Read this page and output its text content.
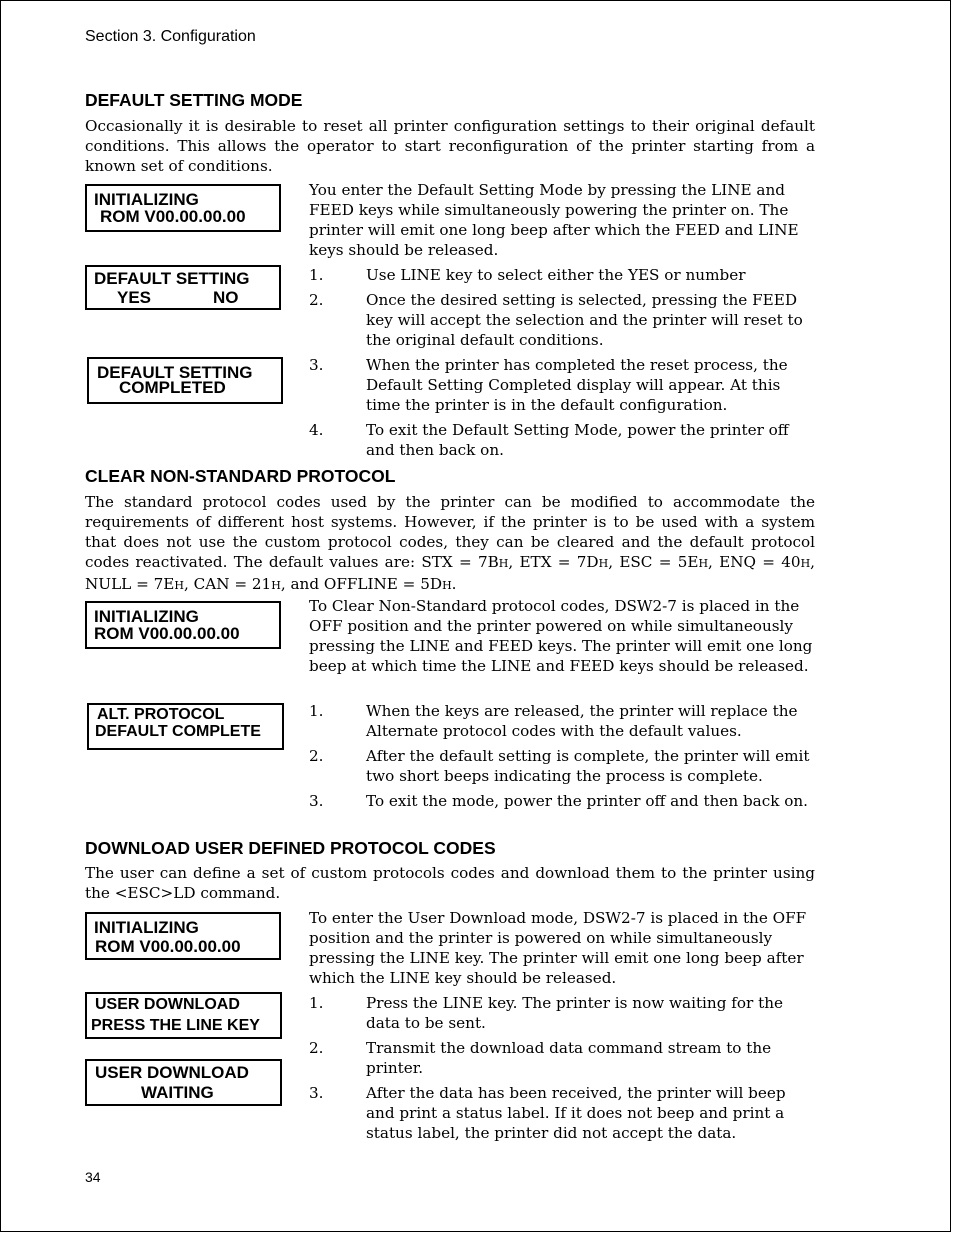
Section 3. Configuration
DEFAULT SETTING MODE
Occasionally it is desirable to reset all printer configuration settings to their original default conditions. This allows the operator to start reconfiguration of the printer starting from a known set of conditions.
INITIALIZING
ROM V00.00.00.00
You enter the Default Setting Mode by pressing the LINE and FEED keys while simultaneously powering the printer on. The printer will emit one long beep after which the FEED and LINE keys should be released.
DEFAULT SETTING
YES	NO
DEFAULT SETTING
COMPLETED
1.	Use LINE key to select either the YES or number
2.	Once the desired setting is selected, pressing the FEED key will accept the selection and the printer will reset to the original default conditions.
3.	When the printer has completed the reset process, the Default Setting Completed display will appear. At this time the printer is in the default configuration.
4.	To exit the Default Setting Mode, power the printer off and then back on.
CLEAR NON-STANDARD PROTOCOL
The standard protocol codes used by the printer can be modified to accommodate the requirements of different host systems. However, if the printer is to be used with a system that does not use the custom protocol codes, they can be cleared and the default protocol codes reactivated. The default values are: STX = 7BH, ETX = 7DH, ESC = 5EH, ENQ = 40H, NULL = 7EH, CAN = 21H, and OFFLINE = 5DH.
INITIALIZING
ROM V00.00.00.00
To Clear Non-Standard protocol codes, DSW2-7 is placed in the OFF position and the printer powered on while simultaneously pressing the LINE and FEED keys. The printer will emit one long beep at which time the LINE and FEED keys should be released.
ALT. PROTOCOL
DEFAULT COMPLETE
1.	When the keys are released, the printer will replace the Alternate protocol codes with the default values.
2.	After the default setting is complete, the printer will emit two short beeps indicating the process is complete.
3.	To exit the mode, power the printer off and then back on.
DOWNLOAD USER DEFINED PROTOCOL CODES
The user can define a set of custom protocols codes and download them to the printer using the <ESC>LD command.
INITIALIZING
ROM V00.00.00.00
To enter the User Download mode, DSW2-7 is placed in the OFF position and the printer is powered on while simultaneously pressing the LINE key. The printer will emit one long beep after which the LINE key should be released.
USER DOWNLOAD
PRESS THE LINE KEY
USER DOWNLOAD
WAITING
1.	Press the LINE key. The printer is now waiting for the data to be sent.
2.	Transmit the download data command stream to the printer.
3.	After the data has been received, the printer will beep and print a status label. If it does not beep and print a status label, the printer did not accept the data.
34
